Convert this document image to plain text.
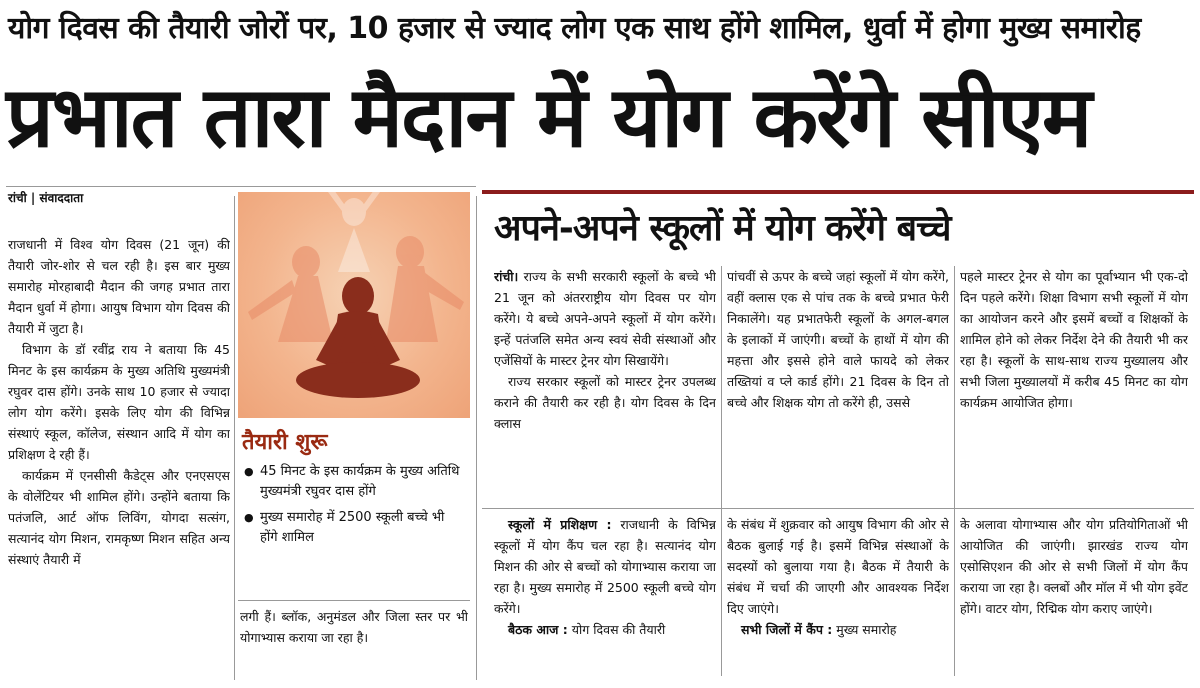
योग दिवस की तैयारी जोरों पर, 10 हजार से ज्याद लोग एक साथ होंगे शामिल, धुर्वा में होगा मुख्य समारोह
प्रभात तारा मैदान में योग करेंगे सीएम
रांची | संवाददाता

राजधानी में विश्व योग दिवस (21 जून) की तैयारी जोर-शोर से चल रही है। इस बार मुख्य समारोह मोरहाबादी मैदान की जगह प्रभात तारा मैदान धुर्वा में होगा। आयुष विभाग योग दिवस की तैयारी में जुटा है।

विभाग के डॉ रवींद्र राय ने बताया कि 45 मिनट के इस कार्यक्रम के मुख्य अतिथि मुख्यमंत्री रघुवर दास होंगे। उनके साथ 10 हजार से ज्यादा लोग योग करेंगे। इसके लिए योग की विभिन्न संस्थाएं स्कूल, कॉलेज, संस्थान आदि में योग का प्रशिक्षण दे रही हैं।

कार्यक्रम में एनसीसी कैडेट्स और एनएसएस के वोलेंटियर भी शामिल होंगे। उन्होंने बताया कि पतंजलि, आर्ट ऑफ लिविंग, योगदा सत्संग, सत्यानंद योग मिशन, रामकृष्ण मिशन सहित अन्य संस्थाएं तैयारी में

तैयारी शुरू
● 45 मिनट के इस कार्यक्रम के मुख्य अतिथि मुख्यमंत्री रघुवर दास होंगे
● मुख्य समारोह में 2500 स्कूली बच्चे भी होंगे शामिल

लगी हैं। ब्लॉक, अनुमंडल और जिला स्तर पर भी योगाभ्यास कराया जा रहा है।

अपने-अपने स्कूलों में योग करेंगे बच्चे

रांची। राज्य के सभी सरकारी स्कूलों के बच्चे भी 21 जून को अंतरराष्ट्रीय योग दिवस पर योग करेंगे। ये बच्चे अपने-अपने स्कूलों में योग करेंगे। इन्हें पतंजलि समेत अन्य स्वयं सेवी संस्थाओं और एजेंसियों के मास्टर ट्रेनर योग सिखायेंगे।

राज्य सरकार स्कूलों को मास्टर ट्रेनर उपलब्ध कराने की तैयारी कर रही है। योग दिवस के दिन क्लास

पांचवीं से ऊपर के बच्चे जहां स्कूलों में योग करेंगे, वहीं क्लास एक से पांच तक के बच्चे प्रभात फेरी निकालेंगे। यह प्रभातफेरी स्कूलों के अगल-बगल के इलाकों में जाएंगी। बच्चों के हाथों में योग की महत्ता और इससे होने वाले फायदे को लेकर तख्तियां व प्ले कार्ड होंगे। 21 दिवस के दिन तो बच्चे और शिक्षक योग तो करेंगे ही, उससे

पहले मास्टर ट्रेनर से योग का पूर्वाभ्यान भी एक-दो दिन पहले करेंगे। शिक्षा विभाग सभी स्कूलों में योग का आयोजन करने और इसमें बच्चों व शिक्षकों के शामिल होने को लेकर निर्देश देने की तैयारी भी कर रहा है। स्कूलों के साथ-साथ राज्य मुख्यालय और सभी जिला मुख्यालयों में करीब 45 मिनट का योग कार्यक्रम आयोजित होगा।

स्कूलों में प्रशिक्षण : राजधानी के विभिन्न स्कूलों में योग कैंप चल रहा है। सत्यानंद योग मिशन की ओर से बच्चों को योगाभ्यास कराया जा रहा है। मुख्य समारोह में 2500 स्कूली बच्चे योग करेंगे।

बैठक आज : योग दिवस की तैयारी

के संबंध में शुक्रवार को आयुष विभाग की ओर से बैठक बुलाई गई है। इसमें विभिन्न संस्थाओं के सदस्यों को बुलाया गया है। बैठक में तैयारी के संबंध में चर्चा की जाएगी और आवश्यक निर्देश दिए जाएंगे।

सभी जिलों में कैंप : मुख्य समारोह

के अलावा योगाभ्यास और योग प्रतियोगिताओं भी आयोजित की जाएंगी। झारखंड राज्य योग एसोसिएशन की ओर से सभी जिलों में योग कैंप कराया जा रहा है। क्लबों और मॉल में भी योग इवेंट होंगे। वाटर योग, रिद्मिक योग कराए जाएंगे।
